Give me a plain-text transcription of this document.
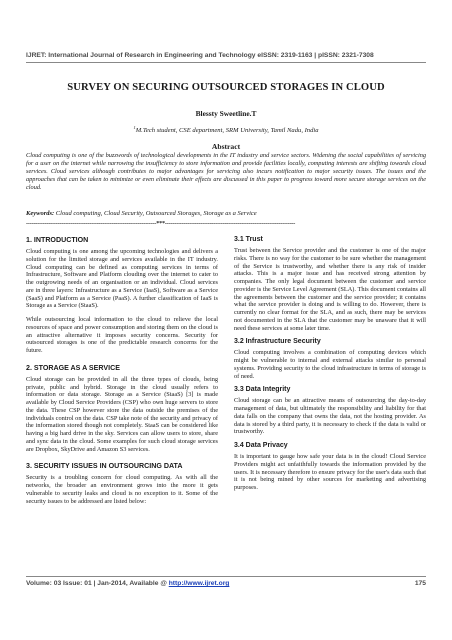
IJRET: International Journal of Research in Engineering and Technology eISSN: 2319-1163 | pISSN: 2321-7308
SURVEY ON SECURING OUTSOURCED STORAGES IN CLOUD
Blessty Sweetline.T
$^1$M.Tech student, CSE department, SRM University, Tamil Nadu, India
Abstract
Cloud computing is one of the buzzwords of technological developments in the IT industry and service sectors. Widening the social capabilities of servicing for a user on the internet while narrowing the insufficiency to store information and provide facilities locally, computing interests are shifting towards cloud services. Cloud services although contributes to major advantages for servicing also incurs notification to major security issues. The issues and the approaches that can be taken to minimize or even eliminate their effects are discussed in this paper to progress toward more secure storage services on the cloud.
Keywords: Cloud computing, Cloud Security, Outsourced Storages, Storage as a Service
----------------------------------------------------------------------***----------------------------------------------------------------------
1. INTRODUCTION
Cloud computing is one among the upcoming technologies and delivers a solution for the limited storage and services available in the IT industry. Cloud computing can be defined as computing services in terms of Infrastructure, Software and Platform clouding over the internet to cater to the outgrowing needs of an organisation or an individual. Cloud services are in three layers: Infrastructure as a Service (IaaS), Software as a Service (SaaS) and Platform as a Service (PaaS). A further classification of IaaS is Storage as a Service (StaaS).
While outsourcing local information to the cloud to relieve the local resources of space and power consumption and storing them on the cloud is an attractive alternative it imposes security concerns. Security for outsourced storages is one of the predictable research concerns for the future.
2. STORAGE AS A SERVICE
Cloud storage can be provided in all the three types of clouds, being private, public and hybrid. Storage in the cloud usually refers to information or data storage. Storage as a Service (StaaS) [3] is made available by Cloud Service Providers (CSP) who own huge servers to store the data. These CSP however store the data outside the premises of the individuals control on the data. CSP take note of the security and privacy of the information stored though not completely. StaaS can be considered like having a big hard drive in the sky. Services can allow users to store, share and sync data in the cloud. Some examples for such cloud storage services are Dropbox, SkyDrive and Amazon S3 services.
3. SECURITY ISSUES IN OUTSOURCING DATA
Security is a troubling concern for cloud computing. As with all the networks, the broader an environment grows into the more it gets vulnerable to security leaks and cloud is no exception to it. Some of the security issues to be addressed are listed below:
3.1 Trust
Trust between the Service provider and the customer is one of the major risks. There is no way for the customer to be sure whether the management of the Service is trustworthy, and whether there is any risk of insider attacks. This is a major issue and has received strong attention by companies. The only legal document between the customer and service provider is the Service Level Agreement (SLA). This document contains all the agreements between the customer and the service provider; it contains what the service provider is doing and is willing to do. However, there is currently no clear format for the SLA, and as such, there may be services not documented in the SLA that the customer may be unaware that it will need these services at some later time.
3.2 Infrastructure Security
Cloud computing involves a combination of computing devices which might be vulnerable to internal and external attacks similar to personal systems. Providing security to the cloud infrastructure in terms of storage is of need.
3.3 Data Integrity
Cloud storage can be an attractive means of outsourcing the day-to-day management of data, but ultimately the responsibility and liability for that data falls on the company that owns the data, not the hosting provider. As data is stored by a third party, it is necessary to check if the data is valid or trustworthy.
3.4 Data Privacy
It is important to gauge how safe your data is in the cloud! Cloud Service Providers might act unfaithfully towards the information provided by the users. It is necessary therefore to ensure privacy for the user's data such that it is not being mined by other sources for marketing and advertising purposes.
Volume: 03 Issue: 01 | Jan-2014, Available @ http://www.ijret.org	175
